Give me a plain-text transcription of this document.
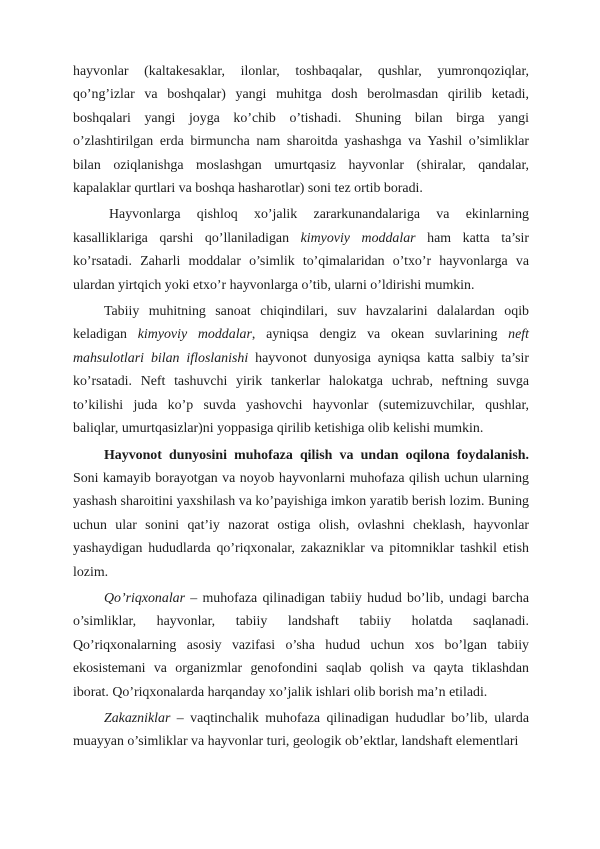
hayvonlar (kaltakesaklar, ilonlar, toshbaqalar, qushlar, yumronqoziqlar, qo’ng’izlar va boshqalar) yangi muhitga dosh berolmasdan qirilib ketadi, boshqalari yangi joyga ko’chib o’tishadi. Shuning bilan birga yangi o’zlashtirilgan erda birmuncha nam sharoitda yashashga va Yashil o’simliklar bilan oziqlanishga moslashgan umurtqasiz hayvonlar (shiralar, qandalar, kapalaklar qurtlari va boshqa hasharotlar) soni tez ortib boradi.

Hayvonlarga qishloq xo’jalik zararkunandalariga va ekinlarning kasalliklariga qarshi qo’llaniladigan kimyoviy moddalar ham katta ta’sir ko’rsatadi. Zaharli moddalar o’simlik to’qimalaridan o’txo’r hayvonlarga va ulardan yirtqich yoki etxo’r hayvonlarga o’tib, ularni o’ldirishi mumkin.

Tabiiy muhitning sanoat chiqindilari, suv havzalarini dalalardan oqib keladigan kimyoviy moddalar, ayniqsa dengiz va okean suvlarining neft mahsulotlari bilan ifloslanishi hayvonot dunyosiga ayniqsa katta salbiy ta’sir ko’rsatadi. Neft tashuvchi yirik tankerlar halokatga uchrab, neftning suvga to’kilishi juda ko’p suvda yashovchi hayvonlar (sutemizuvchilar, qushlar, baliqlar, umurtqasizlar)ni yoppasiga qirilib ketishiga olib kelishi mumkin.

Hayvonot dunyosini muhofaza qilish va undan oqilona foydalanish. Soni kamayib borayotgan va noyob hayvonlarni muhofaza qilish uchun ularning yashash sharoitini yaxshilash va ko’payishiga imkon yaratib berish lozim. Buning uchun ular sonini qat’iy nazorat ostiga olish, ovlashni cheklash, hayvonlar yashaydigan hududlarda qo’riqxonalar, zakazniklar va pitomniklar tashkil etish lozim.

Qo’riqxonalar – muhofaza qilinadigan tabiiy hudud bo’lib, undagi barcha o’simliklar, hayvonlar, tabiiy landshaft tabiiy holatda saqlanadi. Qo’riqxonalarning asosiy vazifasi o’sha hudud uchun xos bo’lgan tabiiy ekosistemani va organizmlar genofondini saqlab qolish va qayta tiklashdan iborat. Qo’riqxonalarda harqanday xo’jalik ishlari olib borish ma’n etiladi.

Zakazniklar – vaqtinchalik muhofaza qilinadigan hududlar bo’lib, ularda muayyan o’simliklar va hayvonlar turi, geologik ob’ektlar, landshaft elementlari
